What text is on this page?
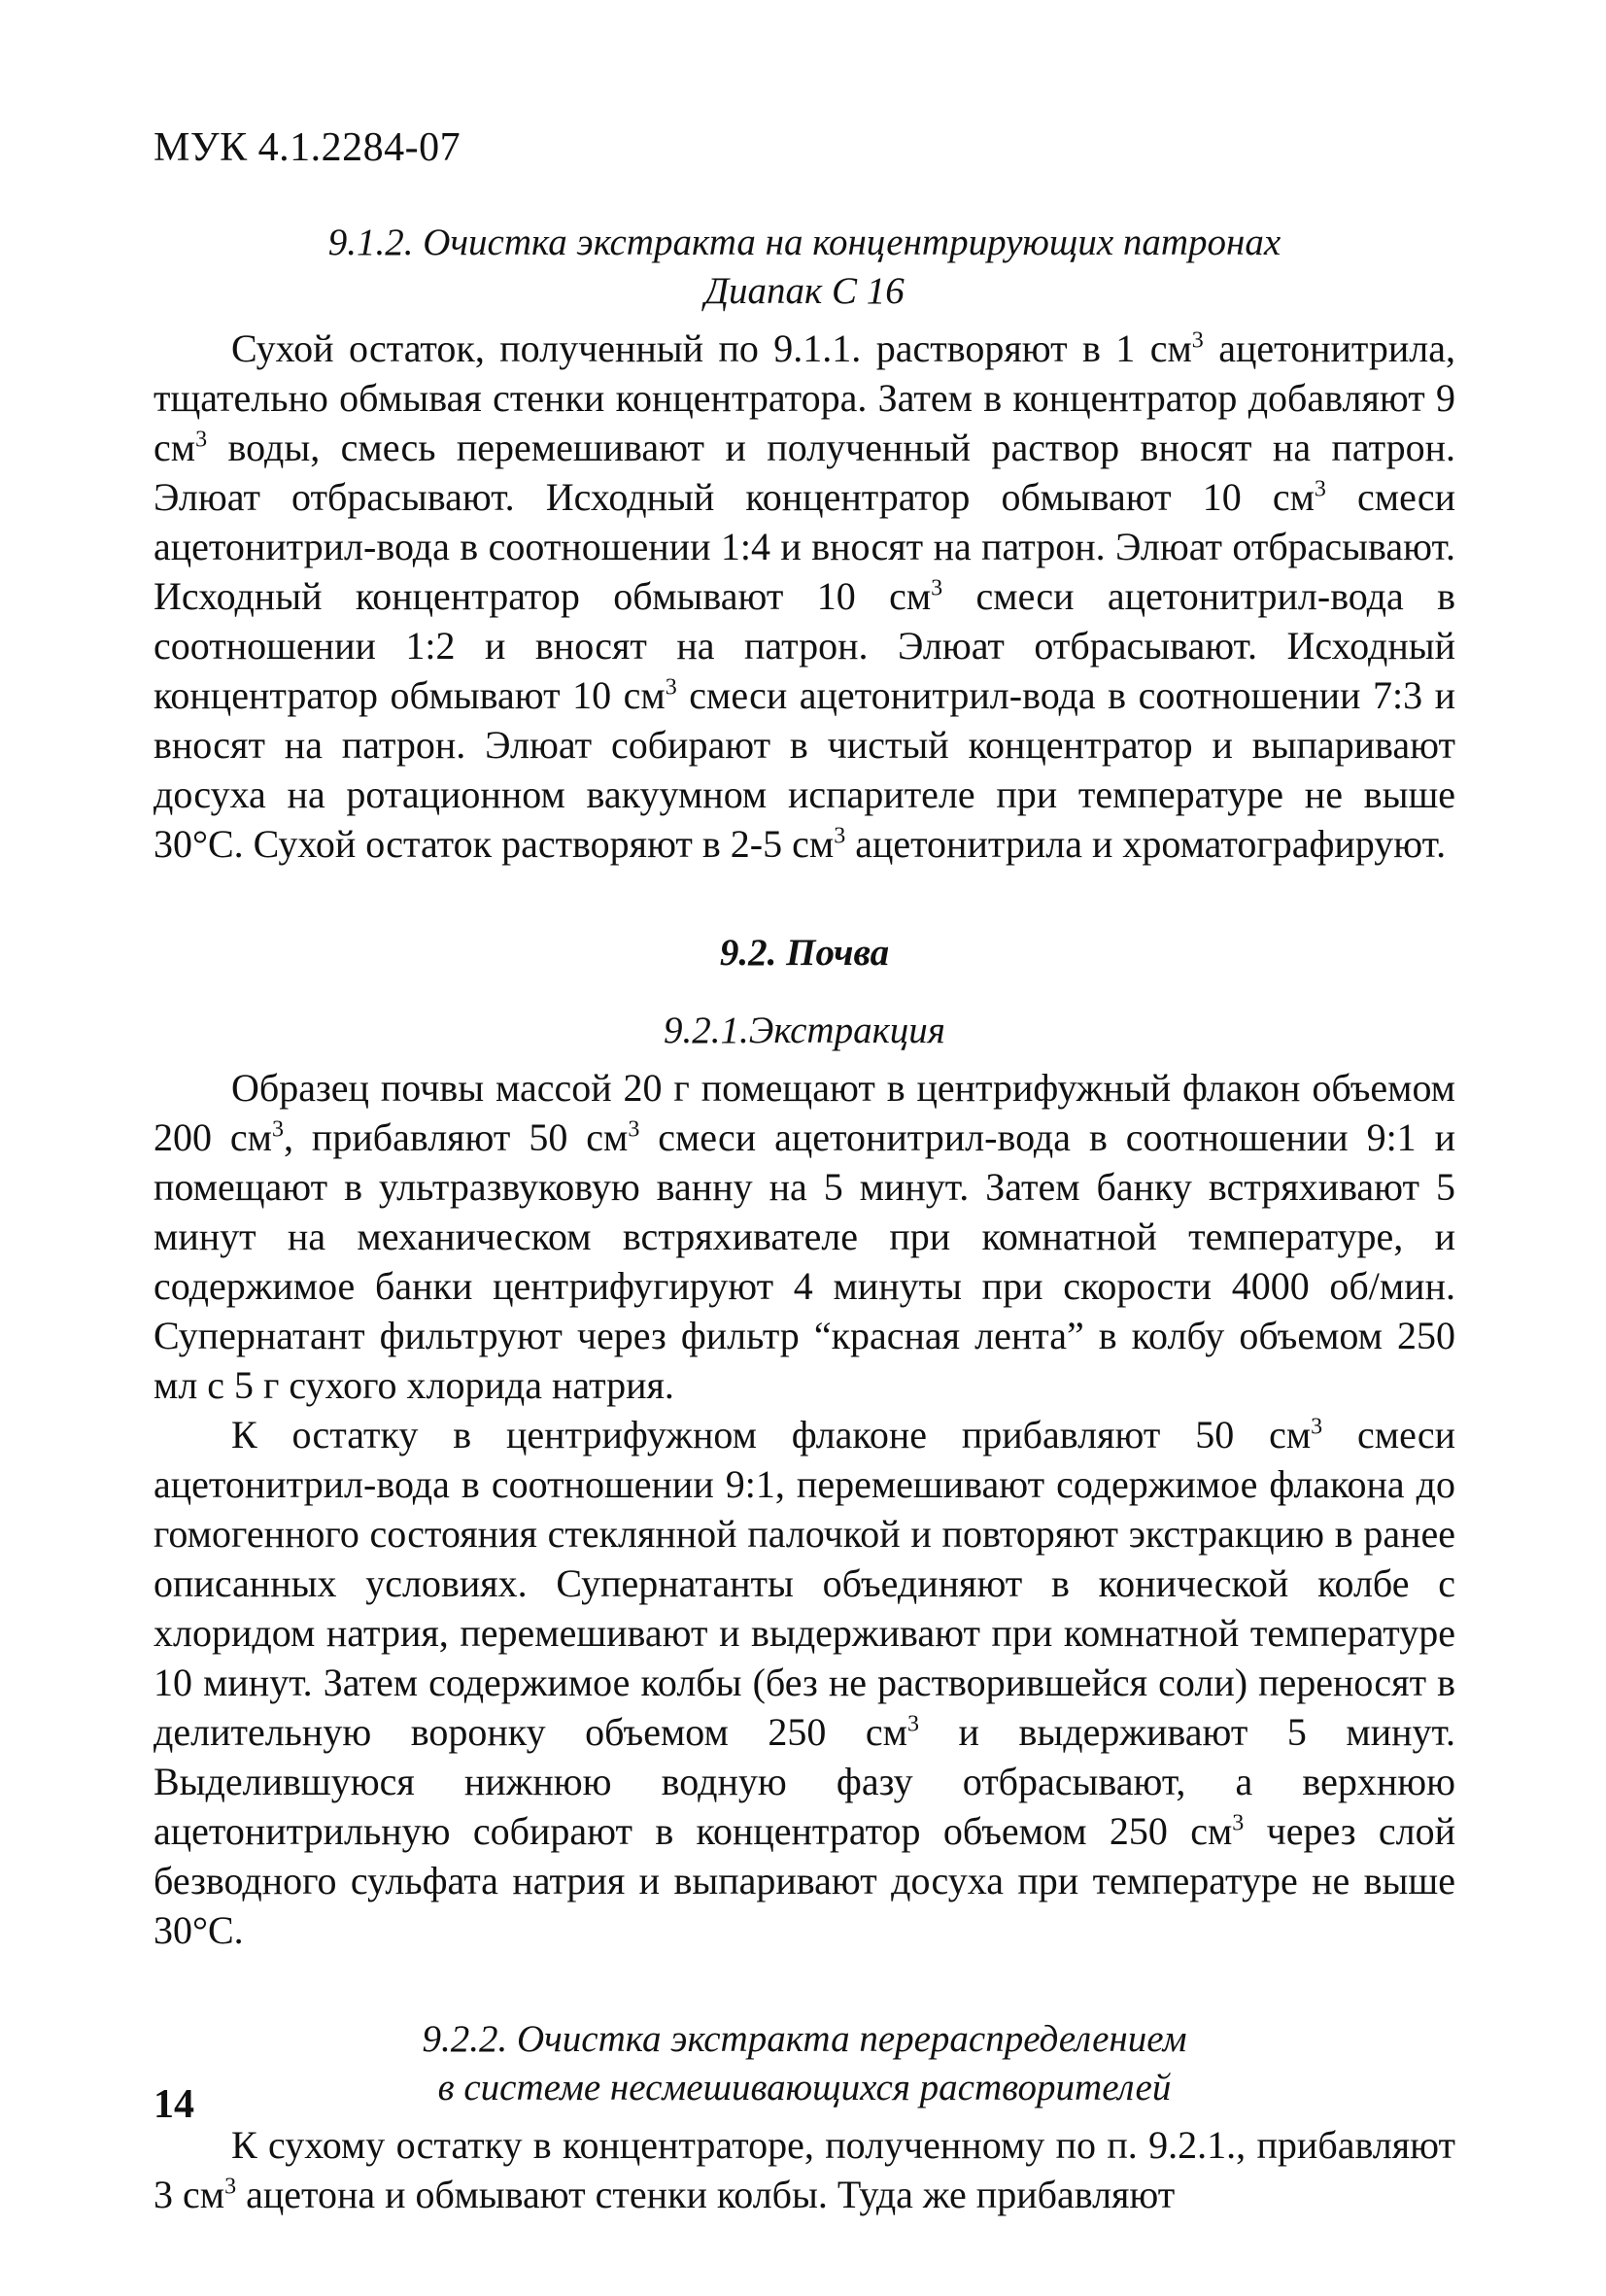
МУК 4.1.2284-07
9.1.2. Очистка экстракта на концентрирующих патронах
Диапак С 16

Сухой остаток, полученный по 9.1.1. растворяют в 1 $см^3$ ацетонитрила, тщательно обмывая стенки концентратора. Затем в концентратор добавляют 9 $см^3$ воды, смесь перемешивают и полученный раствор вносят на патрон. Элюат отбрасывают. Исходный концентратор обмывают 10 $см^3$ смеси ацетонитрил-вода в соотношении 1:4 и вносят на патрон. Элюат отбрасывают. Исходный концентратор обмывают 10 $см^3$ смеси ацетонитрил-вода в соотношении 1:2 и вносят на патрон. Элюат отбрасывают. Исходный концентратор обмывают 10 $см^3$ смеси ацетонитрил-вода в соотношении 7:3 и вносят на патрон. Элюат собирают в чистый концентратор и выпаривают досуха на ротационном вакуумном испарителе при температуре не выше 30°С. Сухой остаток растворяют в 2-5 $см^3$ ацетонитрила и хроматографируют.

9.2. Почва
9.2.1.Экстракция

Образец почвы массой 20 г помещают в центрифужный флакон объемом 200 $см^3$, прибавляют 50 $см^3$ смеси ацетонитрил-вода в соотношении 9:1 и помещают в ультразвуковую ванну на 5 минут. Затем банку встряхивают 5 минут на механическом встряхивателе при комнатной температуре, и содержимое банки центрифугируют 4 минуты при скорости 4000 об/мин. Супернатант фильтруют через фильтр “красная лента” в колбу объемом 250 мл с 5 г сухого хлорида натрия.

К остатку в центрифужном флаконе прибавляют 50 $см^3$ смеси ацетонитрил-вода в соотношении 9:1, перемешивают содержимое флакона до гомогенного состояния стеклянной палочкой и повторяют экстракцию в ранее описанных условиях. Супернатанты объединяют в конической колбе с хлоридом натрия, перемешивают и выдерживают при комнатной температуре 10 минут. Затем содержимое колбы (без не растворившейся соли) переносят в делительную воронку объемом 250 $см^3$ и выдерживают 5 минут. Выделившуюся нижнюю водную фазу отбрасывают, а верхнюю ацетонитрильную собирают в концентратор объемом 250 $см^3$ через слой безводного сульфата натрия и выпаривают досуха при температуре не выше 30°С.

9.2.2. Очистка экстракта перераспределением
в системе несмешивающихся растворителей

К сухому остатку в концентраторе, полученному по п. 9.2.1., прибавляют 3 $см^3$ ацетона и обмывают стенки колбы. Туда же прибавляют

14
